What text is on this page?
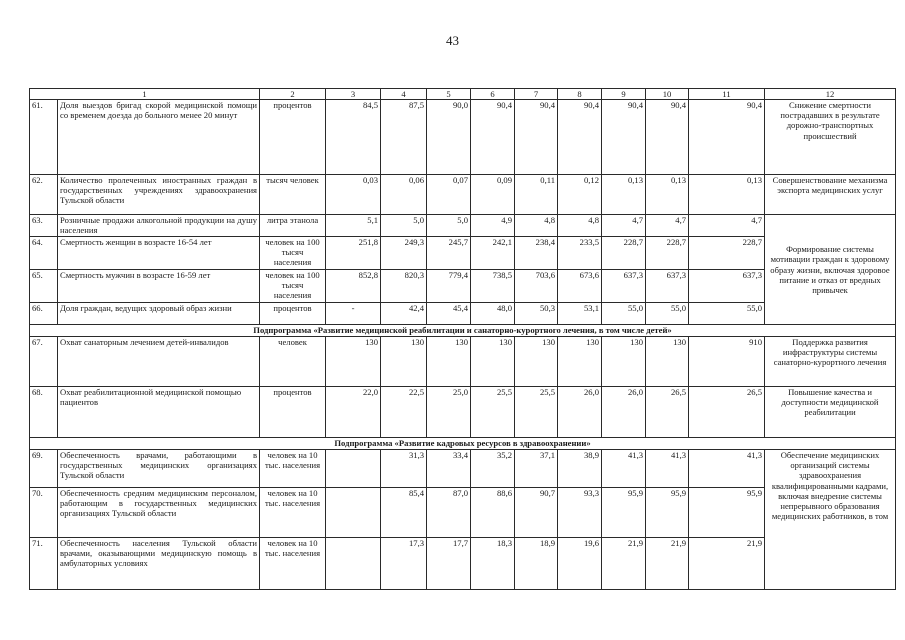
43
1		2	3	4	5	6	7	8	9	10	11	12
61.	Доля выездов бригад скорой медицинской помощи со временем доезда до больного менее 20 минут	процентов	84,5	87,5	90,0	90,4	90,4	90,4	90,4	90,4	90,4	Снижение смертности пострадавших в результате дорожно-транспортных происшествий
62.	Количество пролеченных иностранных граждан в государственных учреждениях здравоохранения Тульской области	тысяч человек	0,03	0,06	0,07	0,09	0,11	0,12	0,13	0,13	0,13	Совершенствование механизма экспорта медицинских услуг
63.	Розничные продажи алкогольной продукции на душу населения	литра этанола	5,1	5,0	5,0	4,9	4,8	4,8	4,7	4,7	4,7	Формирование системы мотивации граждан к здоровому образу жизни, включая здоровое питание и отказ от вредных привычек
64.	Смертность женщин в возрасте 16-54 лет	человек на 100 тысяч населения	251,8	249,3	245,7	242,1	238,4	233,5	228,7	228,7	228,7	
65.	Смертность мужчин в возрасте 16-59 лет	человек на 100 тысяч населения	852,8	820,3	779,4	738,5	703,6	673,6	637,3	637,3	637,3	
66.	Доля граждан, ведущих здоровый образ жизни	процентов	-	42,4	45,4	48,0	50,3	53,1	55,0	55,0	55,0	
Подпрограмма «Развитие медицинской реабилитации и санаторно-курортного лечения, в том числе детей»												
67.	Охват санаторным лечением детей-инвалидов	человек	130	130	130	130	130	130	130	130	910	Поддержка развития инфраструктуры системы санаторно-курортного лечения
68.	Охват реабилитационной медицинской помощью пациентов	процентов	22,0	22,5	25,0	25,5	25,5	26,0	26,0	26,5	26,5	Повышение качества и доступности медицинской реабилитации
Подпрограмма «Развитие кадровых ресурсов в здравоохранении»												
69.	Обеспеченность врачами, работающими в государственных медицинских организациях Тульской области	человек на 10 тыс. населения		31,3	33,4	35,2	37,1	38,9	41,3	41,3	41,3	Обеспечение медицинских организаций системы здравоохранения квалифицированными кадрами, включая внедрение системы непрерывного образования медицинских работников, в том
70.	Обеспеченность средним медицинским персоналом, работающим в государственных медицинских организациях Тульской области	человек на 10 тыс. населения		85,4	87,0	88,6	90,7	93,3	95,9	95,9	95,9	
71.	Обеспеченность населения Тульской области врачами, оказывающими медицинскую помощь в амбулаторных условиях	человек на 10 тыс. населения		17,3	17,7	18,3	18,9	19,6	21,9	21,9	21,9	
